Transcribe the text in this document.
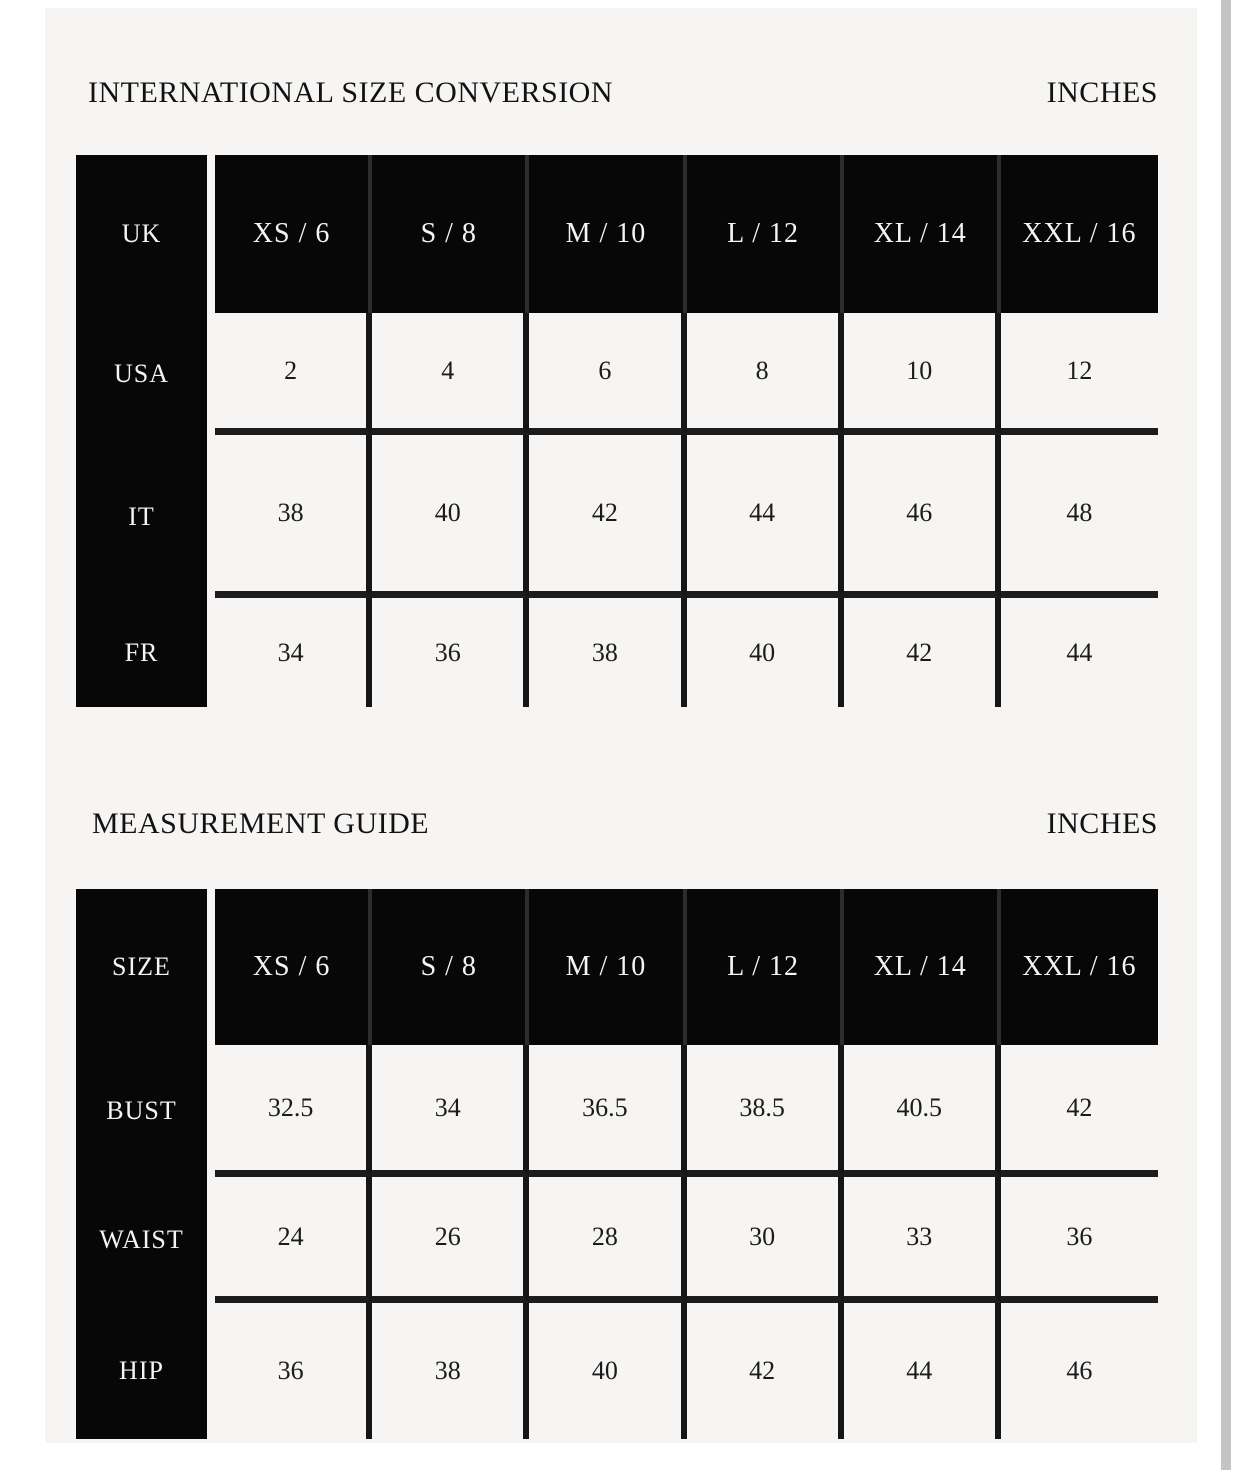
INTERNATIONAL SIZE CONVERSION	INCHES
UK	XS / 6	S / 8	M / 10	L / 12	XL / 14	XXL / 16
USA	2	4	6	8	10	12
IT	38	40	42	44	46	48
FR	34	36	38	40	42	44
MEASUREMENT GUIDE	INCHES
SIZE	XS / 6	S / 8	M / 10	L / 12	XL / 14	XXL / 16
BUST	32.5	34	36.5	38.5	40.5	42
WAIST	24	26	28	30	33	36
HIP	36	38	40	42	44	46
